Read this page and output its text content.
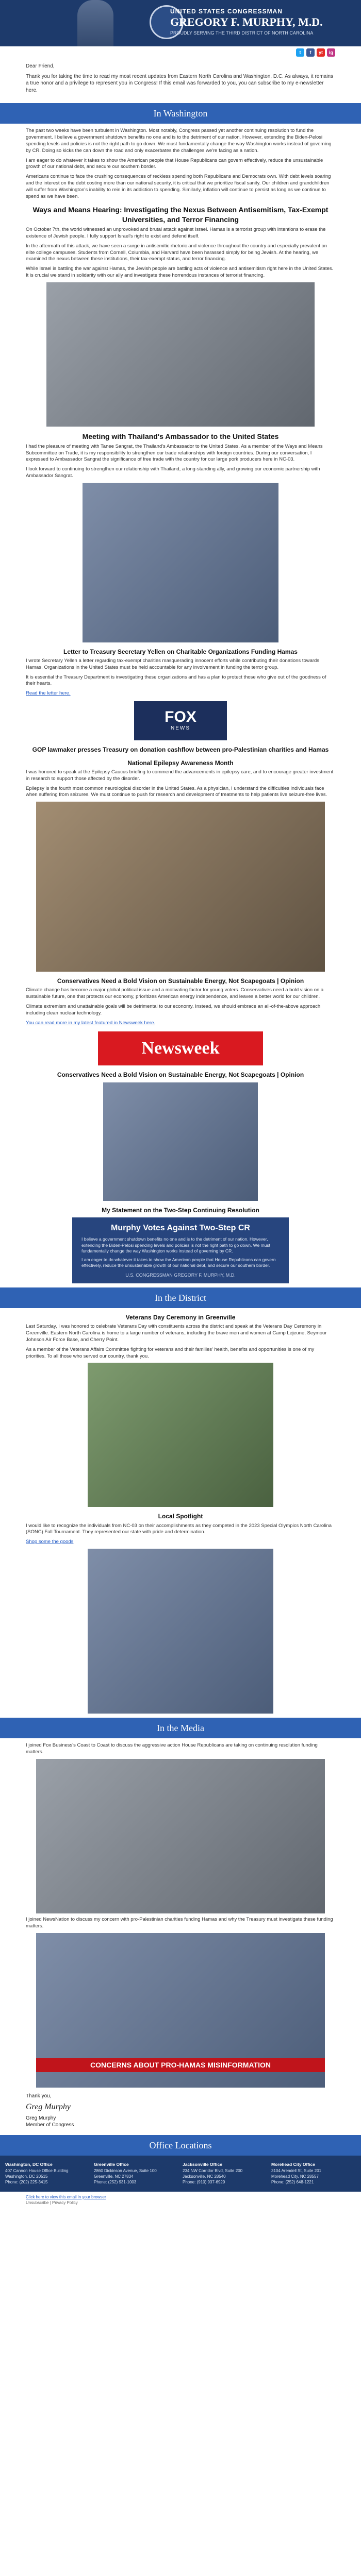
UNITED STATES CONGRESSMAN
GREGORY F. MURPHY, M.D.
PROUDLY SERVING THE THIRD DISTRICT OF NORTH CAROLINA
t	f	yt	ig

Dear Friend,

Thank you for taking the time to read my most recent updates from Eastern North Carolina and Washington, D.C. As always, it remains a true honor and a privilege to represent you in Congress! If this email was forwarded to you, you can subscribe to my e-newsletter here.

In Washington

The past two weeks have been turbulent in Washington. Most notably, Congress passed yet another continuing resolution to fund the government. I believe a government shutdown benefits no one and is to the detriment of our nation. However, extending the Biden-Pelosi spending levels and policies is not the right path to go down. We must fundamentally change the way Washington works instead of governing by CR. Doing so kicks the can down the road and only exacerbates the challenges we're facing as a nation.

I am eager to do whatever it takes to show the American people that House Republicans can govern effectively, reduce the unsustainable growth of our national debt, and secure our southern border.

Americans continue to face the crushing consequences of reckless spending both Republicans and Democrats own. With debt levels soaring and the interest on the debt costing more than our national security, it is critical that we prioritize fiscal sanity. Our children and grandchildren will suffer from Washington's inability to rein in its addiction to spending. Similarly, inflation will continue to persist as long as we continue to spend as we have been.

Ways and Means Hearing: Investigating the Nexus Between Antisemitism, Tax-Exempt Universities, and Terror Financing

On October 7th, the world witnessed an unprovoked and brutal attack against Israel. Hamas is a terrorist group with intentions to erase the existence of Jewish people. I fully support Israel's right to exist and defend itself.

In the aftermath of this attack, we have seen a surge in antisemitic rhetoric and violence throughout the country and especially prevalent on elite college campuses. Students from Cornell, Columbia, and Harvard have been harassed simply for being Jewish. At the hearing, we examined the nexus between these institutions, their tax-exempt status, and terror financing.

While Israel is battling the war against Hamas, the Jewish people are battling acts of violence and antisemitism right here in the United States. It is crucial we stand in solidarity with our ally and investigate these horrendous instances of terrorist financing.

Meeting with Thailand's Ambassador to the United States

I had the pleasure of meeting with Tanee Sangrat, the Thailand's Ambassador to the United States. As a member of the Ways and Means Subcommittee on Trade, it is my responsibility to strengthen our trade relationships with foreign countries. During our conversation, I expressed to Ambassador Sangrat the significance of free trade with the country for our large pork producers here in NC-03.

I look forward to continuing to strengthen our relationship with Thailand, a long-standing ally, and growing our economic partnership with Ambassador Sangrat.

Letter to Treasury Secretary Yellen on Charitable Organizations Funding Hamas

I wrote Secretary Yellen a letter regarding tax-exempt charities masquerading innocent efforts while contributing their donations towards Hamas. Organizations in the United States must be held accountable for any involvement in funding the terror group.

It is essential the Treasury Department is investigating these organizations and has a plan to protect those who give out of the goodness of their hearts.

Read the letter here.

FOX
NEWS
GOP lawmaker presses Treasury on donation cashflow between pro-Palestinian charities and Hamas
National Epilepsy Awareness Month

I was honored to speak at the Epilepsy Caucus briefing to commend the advancements in epilepsy care, and to encourage greater investment in research to support those affected by the disorder.

Epilepsy is the fourth most common neurological disorder in the United States. As a physician, I understand the difficulties individuals face when suffering from seizures. We must continue to push for research and development of treatments to help patients live seizure-free lives.

Conservatives Need a Bold Vision on Sustainable Energy, Not Scapegoats | Opinion

Climate change has become a major global political issue and a motivating factor for young voters. Conservatives need a bold vision on a sustainable future, one that protects our economy, prioritizes American energy independence, and leaves a better world for our children.

Climate extremism and unattainable goals will be detrimental to our economy. Instead, we should embrace an all-of-the-above approach including clean nuclear technology.

You can read more in my latest featured in Newsweek here.

Newsweek
Conservatives Need a Bold Vision on Sustainable Energy, Not Scapegoats | Opinion
My Statement on the Two-Step Continuing Resolution
Murphy Votes Against Two-Step CR

I believe a government shutdown benefits no one and is to the detriment of our nation. However, extending the Biden-Pelosi spending levels and policies is not the right path to go down. We must fundamentally change the way Washington works instead of governing by CR.

I am eager to do whatever it takes to show the American people that House Republicans can govern effectively, reduce the unsustainable growth of our national debt, and secure our southern border.

U.S. CONGRESSMAN GREGORY F. MURPHY, M.D.
In the District
Veterans Day Ceremony in Greenville

Last Saturday, I was honored to celebrate Veterans Day with constituents across the district and speak at the Veterans Day Ceremony in Greenville. Eastern North Carolina is home to a large number of veterans, including the brave men and women at Camp Lejeune, Seymour Johnson Air Force Base, and Cherry Point.

As a member of the Veterans Affairs Committee fighting for veterans and their families' health, benefits and opportunities is one of my priorities. To all those who served our country, thank you.

Local Spotlight

I would like to recognize the individuals from NC-03 on their accomplishments as they competed in the 2023 Special Olympics North Carolina (SONC) Fall Tournament. They represented our state with pride and determination.

Shop some the goods

In the Media

I joined Fox Business's Coast to Coast to discuss the aggressive action House Republicans are taking on continuing resolution funding matters.

I joined NewsNation to discuss my concern with pro-Palestinian charities funding Hamas and why the Treasury must investigate these funding matters.

CONCERNS ABOUT PRO-HAMAS MISINFORMATION
Thank you,
Greg Murphy
Greg Murphy
Member of Congress
Office Locations
Washington, DC Office
407 Cannon House Office Building
Washington, DC 20515
Phone: (202) 225-3415
Greenville Office
2860 Dickinson Avenue, Suite 100
Greenville, NC 27834
Phone: (252) 931-1003
Jacksonville Office
234 NW Corridor Blvd, Suite 200
Jacksonville, NC 28540
Phone: (910) 937-6929
Morehead City Office
3104 Arendell St, Suite 201
Morehead City, NC 28557
Phone: (252) 648-1221
Click here to view this email in your browser
Unsubscribe | Privacy Policy
